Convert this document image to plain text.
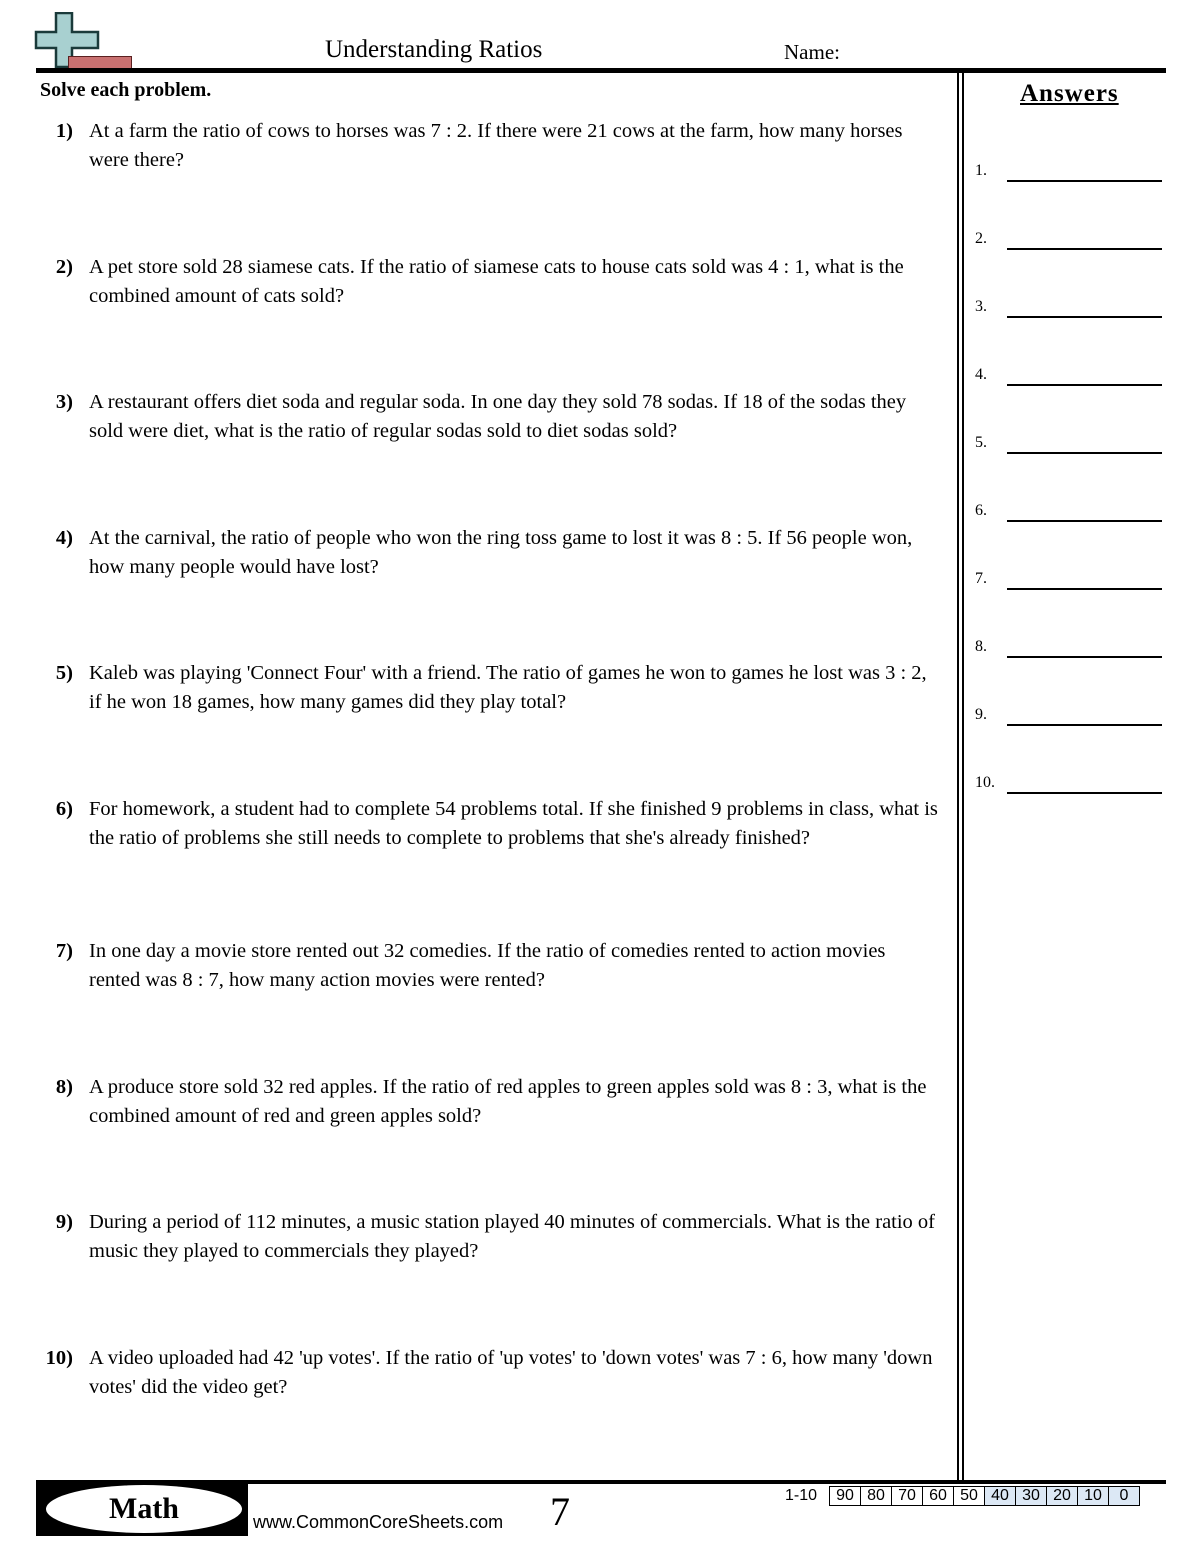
Understanding Ratios	Name:
Solve each problem.
1) At a farm the ratio of cows to horses was 7 : 2. If there were 21 cows at the farm, how many horses were there?
2) A pet store sold 28 siamese cats. If the ratio of siamese cats to house cats sold was 4 : 1, what is the combined amount of cats sold?
3) A restaurant offers diet soda and regular soda. In one day they sold 78 sodas. If 18 of the sodas they sold were diet, what is the ratio of regular sodas sold to diet sodas sold?
4) At the carnival, the ratio of people who won the ring toss game to lost it was 8 : 5. If 56 people won, how many people would have lost?
5) Kaleb was playing 'Connect Four' with a friend. The ratio of games he won to games he lost was 3 : 2, if he won 18 games, how many games did they play total?
6) For homework, a student had to complete 54 problems total. If she finished 9 problems in class, what is the ratio of problems she still needs to complete to problems that she's already finished?
7) In one day a movie store rented out 32 comedies. If the ratio of comedies rented to action movies rented was 8 : 7, how many action movies were rented?
8) A produce store sold 32 red apples. If the ratio of red apples to green apples sold was 8 : 3, what is the combined amount of red and green apples sold?
9) During a period of 112 minutes, a music station played 40 minutes of commercials. What is the ratio of music they played to commercials they played?
10) A video uploaded had 42 'up votes'. If the ratio of 'up votes' to 'down votes' was 7 : 6, how many 'down votes' did the video get?
Answers
1.
2.
3.
4.
5.
6.
7.
8.
9.
10.
Math	www.CommonCoreSheets.com 7	1-10	90 80 70 60 50 40 30 20 10	0
